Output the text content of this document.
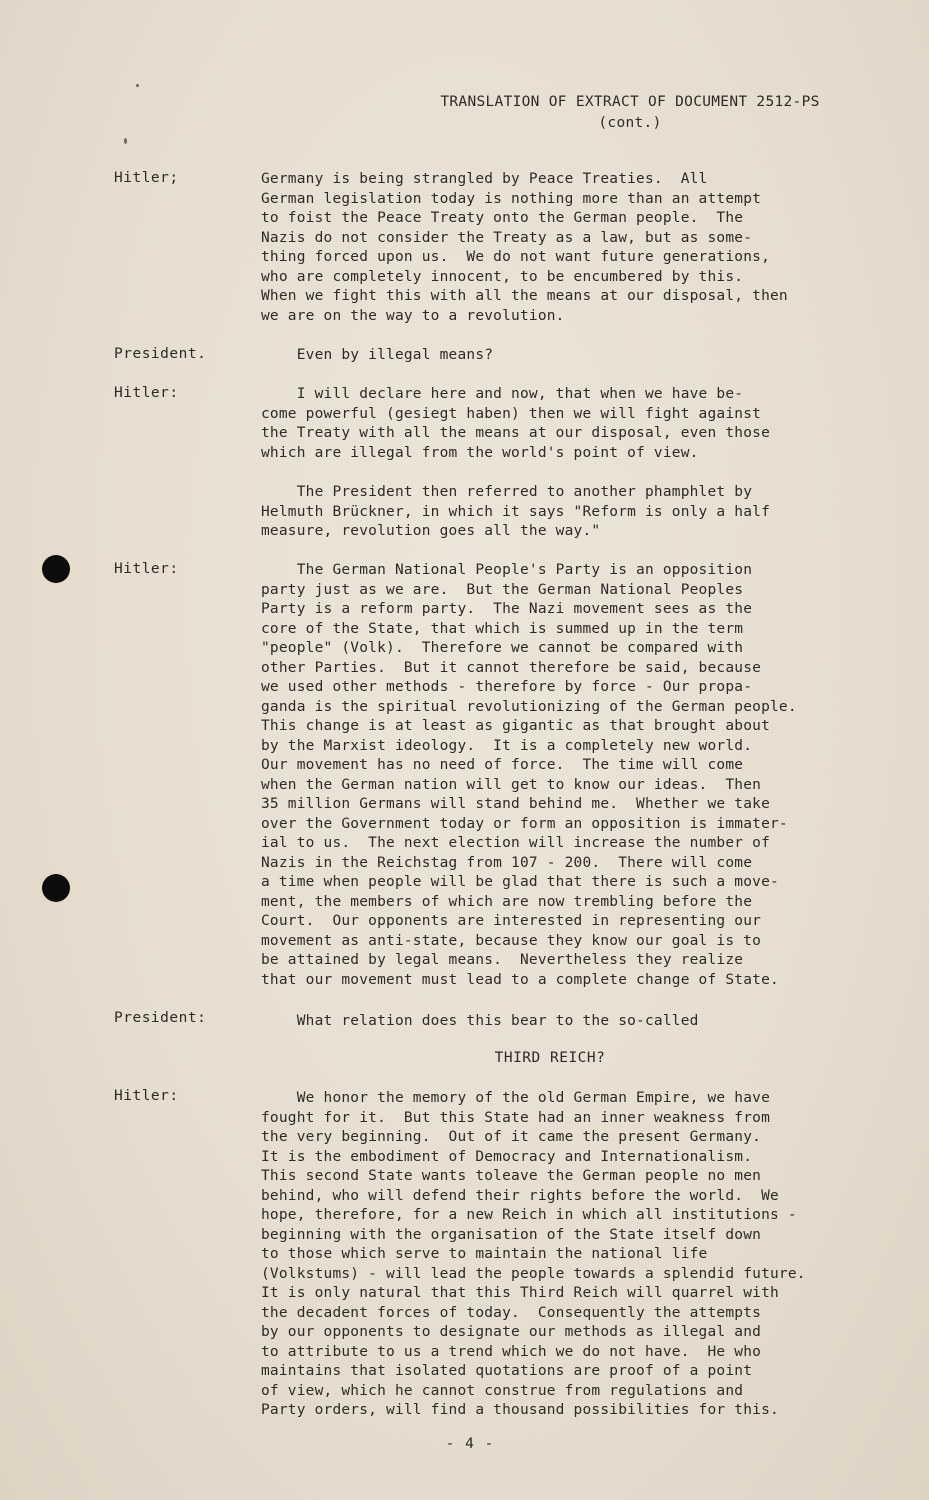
TRANSLATION OF EXTRACT OF DOCUMENT 2512-PS
(cont.)
Hitler;	Germany is being strangled by Peace Treaties.  All
German legislation today is nothing more than an attempt
to foist the Peace Treaty onto the German people.  The
Nazis do not consider the Treaty as a law, but as some-
thing forced upon us.  We do not want future generations,
who are completely innocent, to be encumbered by this.
When we fight this with all the means at our disposal, then
we are on the way to a revolution.
President.	Even by illegal means?
Hitler:	I will declare here and now, that when we have be-
come powerful (gesiegt haben) then we will fight against
the Treaty with all the means at our disposal, even those
which are illegal from the world's point of view.
The President then referred to another phamphlet by
Helmuth Brückner, in which it says "Reform is only a half
measure, revolution goes all the way."
Hitler:	The German National People's Party is an opposition
party just as we are.  But the German National Peoples
Party is a reform party.  The Nazi movement sees as the
core of the State, that which is summed up in the term
"people" (Volk).  Therefore we cannot be compared with
other Parties.  But it cannot therefore be said, because
we used other methods - therefore by force - Our propa-
ganda is the spiritual revolutionizing of the German people.
This change is at least as gigantic as that brought about
by the Marxist ideology.  It is a completely new world.
Our movement has no need of force.  The time will come
when the German nation will get to know our ideas.  Then
35 million Germans will stand behind me.  Whether we take
over the Government today or form an opposition is immater-
ial to us.  The next election will increase the number of
Nazis in the Reichstag from 107 - 200.  There will come
a time when people will be glad that there is such a move-
ment, the members of which are now trembling before the
Court.  Our opponents are interested in representing our
movement as anti-state, because they know our goal is to
be attained by legal means.  Nevertheless they realize
that our movement must lead to a complete change of State.
President:	What relation does this bear to the so-called
THIRD REICH?
Hitler:	We honor the memory of the old German Empire, we have
fought for it.  But this State had an inner weakness from
the very beginning.  Out of it came the present Germany.
It is the embodiment of Democracy and Internationalism.
This second State wants toleave the German people no men
behind, who will defend their rights before the world.  We
hope, therefore, for a new Reich in which all institutions -
beginning with the organisation of the State itself down
to those which serve to maintain the national life
(Volkstums) - will lead the people towards a splendid future.
It is only natural that this Third Reich will quarrel with
the decadent forces of today.  Consequently the attempts
by our opponents to designate our methods as illegal and
to attribute to us a trend which we do not have.  He who
maintains that isolated quotations are proof of a point
of view, which he cannot construe from regulations and
Party orders, will find a thousand possibilities for this.
- 4 -
